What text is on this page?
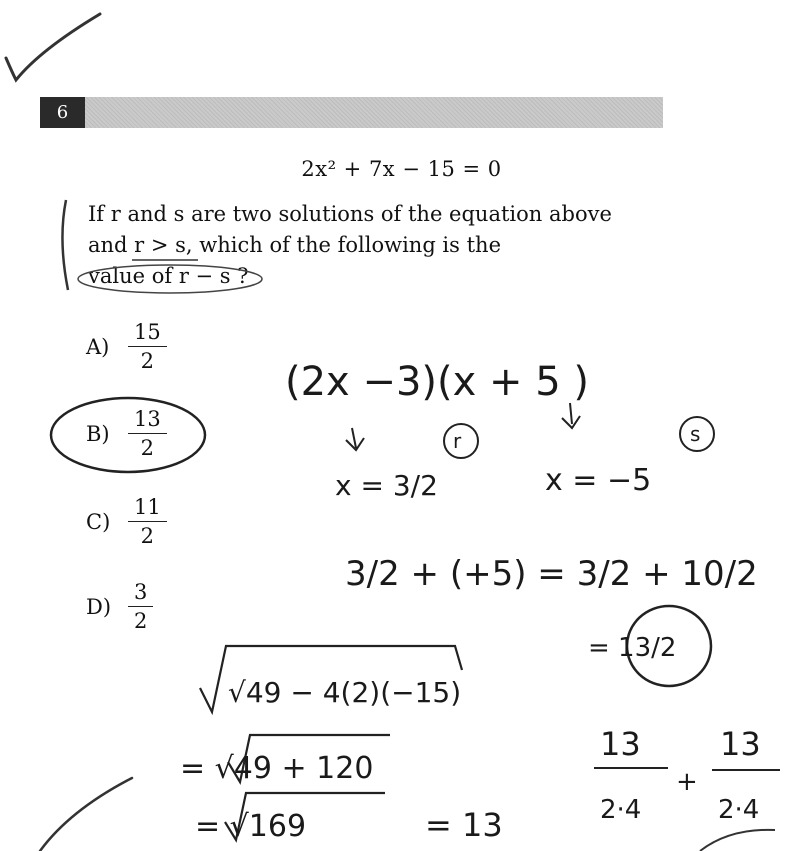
6
2x² + 7x − 15 = 0

If r and s are two solutions of the equation above

and r > s, which of the following is the

value of r − s ?

$A) \frac{15}{2}$
$B) \frac{13}{2}$
$C) \frac{11}{2}$
$D) \frac{3}{2}$
(2x −3)(x + 5 )
r	s
x = 3/2	x = −5
3/2 + (+5) = 3/2 + 10/2
= 13/2
√49 − 4(2)(−15)
= √49 + 120
= √169	= 13
13
2·4
+
13
2·4
